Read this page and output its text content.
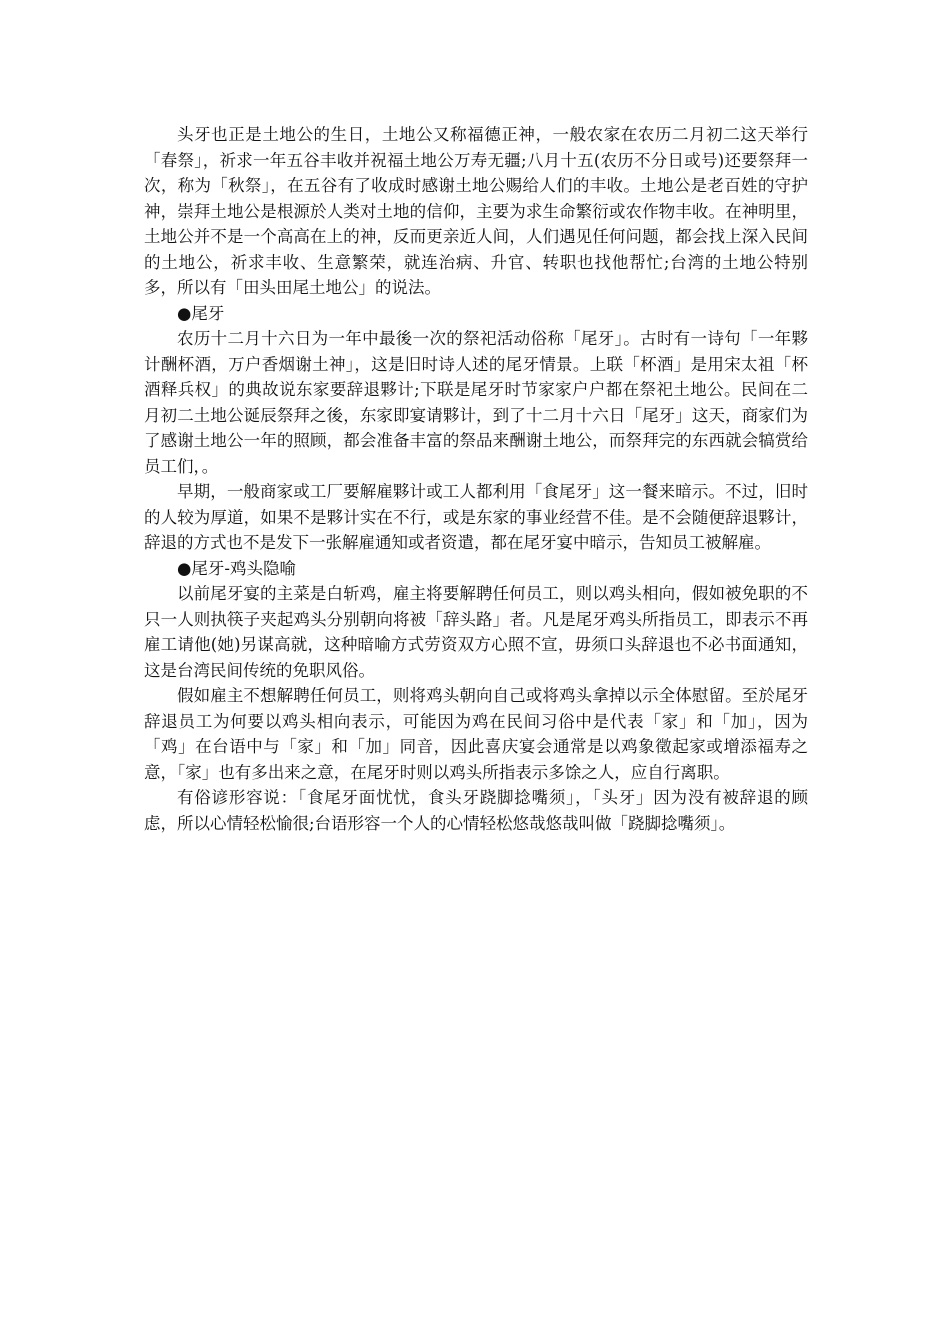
头牙也正是土地公的生日，土地公又称福德正神，一般农家在农历二月初二这天举行「春祭」，祈求一年五谷丰收并祝福土地公万寿无疆;八月十五(农历不分日或号)还要祭拜一次，称为「秋祭」，在五谷有了收成时感谢土地公赐给人们的丰收。土地公是老百姓的守护神，崇拜土地公是根源於人类对土地的信仰，主要为求生命繁衍或农作物丰收。在神明里，土地公并不是一个高高在上的神，反而更亲近人间，人们遇见任何问题，都会找上深入民间的土地公，祈求丰收、生意繁荣，就连治病、升官、转职也找他帮忙;台湾的土地公特别多，所以有「田头田尾土地公」的说法。

●尾牙

农历十二月十六日为一年中最後一次的祭祀活动俗称「尾牙」。古时有一诗句「一年夥计酬杯酒，万户香烟谢土神」，这是旧时诗人述的尾牙情景。上联「杯酒」是用宋太祖「杯酒释兵权」的典故说东家要辞退夥计;下联是尾牙时节家家户户都在祭祀土地公。民间在二月初二土地公诞辰祭拜之後，东家即宴请夥计，到了十二月十六日「尾牙」这天，商家们为了感谢土地公一年的照顾，都会准备丰富的祭品来酬谢土地公，而祭拜完的东西就会犒赏给员工们，。

早期，一般商家或工厂要解雇夥计或工人都利用「食尾牙」这一餐来暗示。不过，旧时的人较为厚道，如果不是夥计实在不行，或是东家的事业经营不佳。是不会随便辞退夥计，辞退的方式也不是发下一张解雇通知或者资遣，都在尾牙宴中暗示，告知员工被解雇。

●尾牙-鸡头隐喻

以前尾牙宴的主菜是白斩鸡，雇主将要解聘任何员工，则以鸡头相向，假如被免职的不只一人则执筷子夹起鸡头分别朝向将被「辞头路」者。凡是尾牙鸡头所指员工，即表示不再雇工请他(她)另谋高就，这种暗喻方式劳资双方心照不宣，毋须口头辞退也不必书面通知，这是台湾民间传统的免职风俗。

假如雇主不想解聘任何员工，则将鸡头朝向自己或将鸡头拿掉以示全体慰留。至於尾牙辞退员工为何要以鸡头相向表示，可能因为鸡在民间习俗中是代表「家」和「加」，因为「鸡」在台语中与「家」和「加」同音，因此喜庆宴会通常是以鸡象徵起家或增添福寿之意，「家」也有多出来之意，在尾牙时则以鸡头所指表示多馀之人，应自行离职。

有俗谚形容说：「食尾牙面忧忧，食头牙跷脚捻嘴须」，「头牙」因为没有被辞退的顾虑，所以心情轻松愉很;台语形容一个人的心情轻松悠哉悠哉叫做「跷脚捻嘴须」。
